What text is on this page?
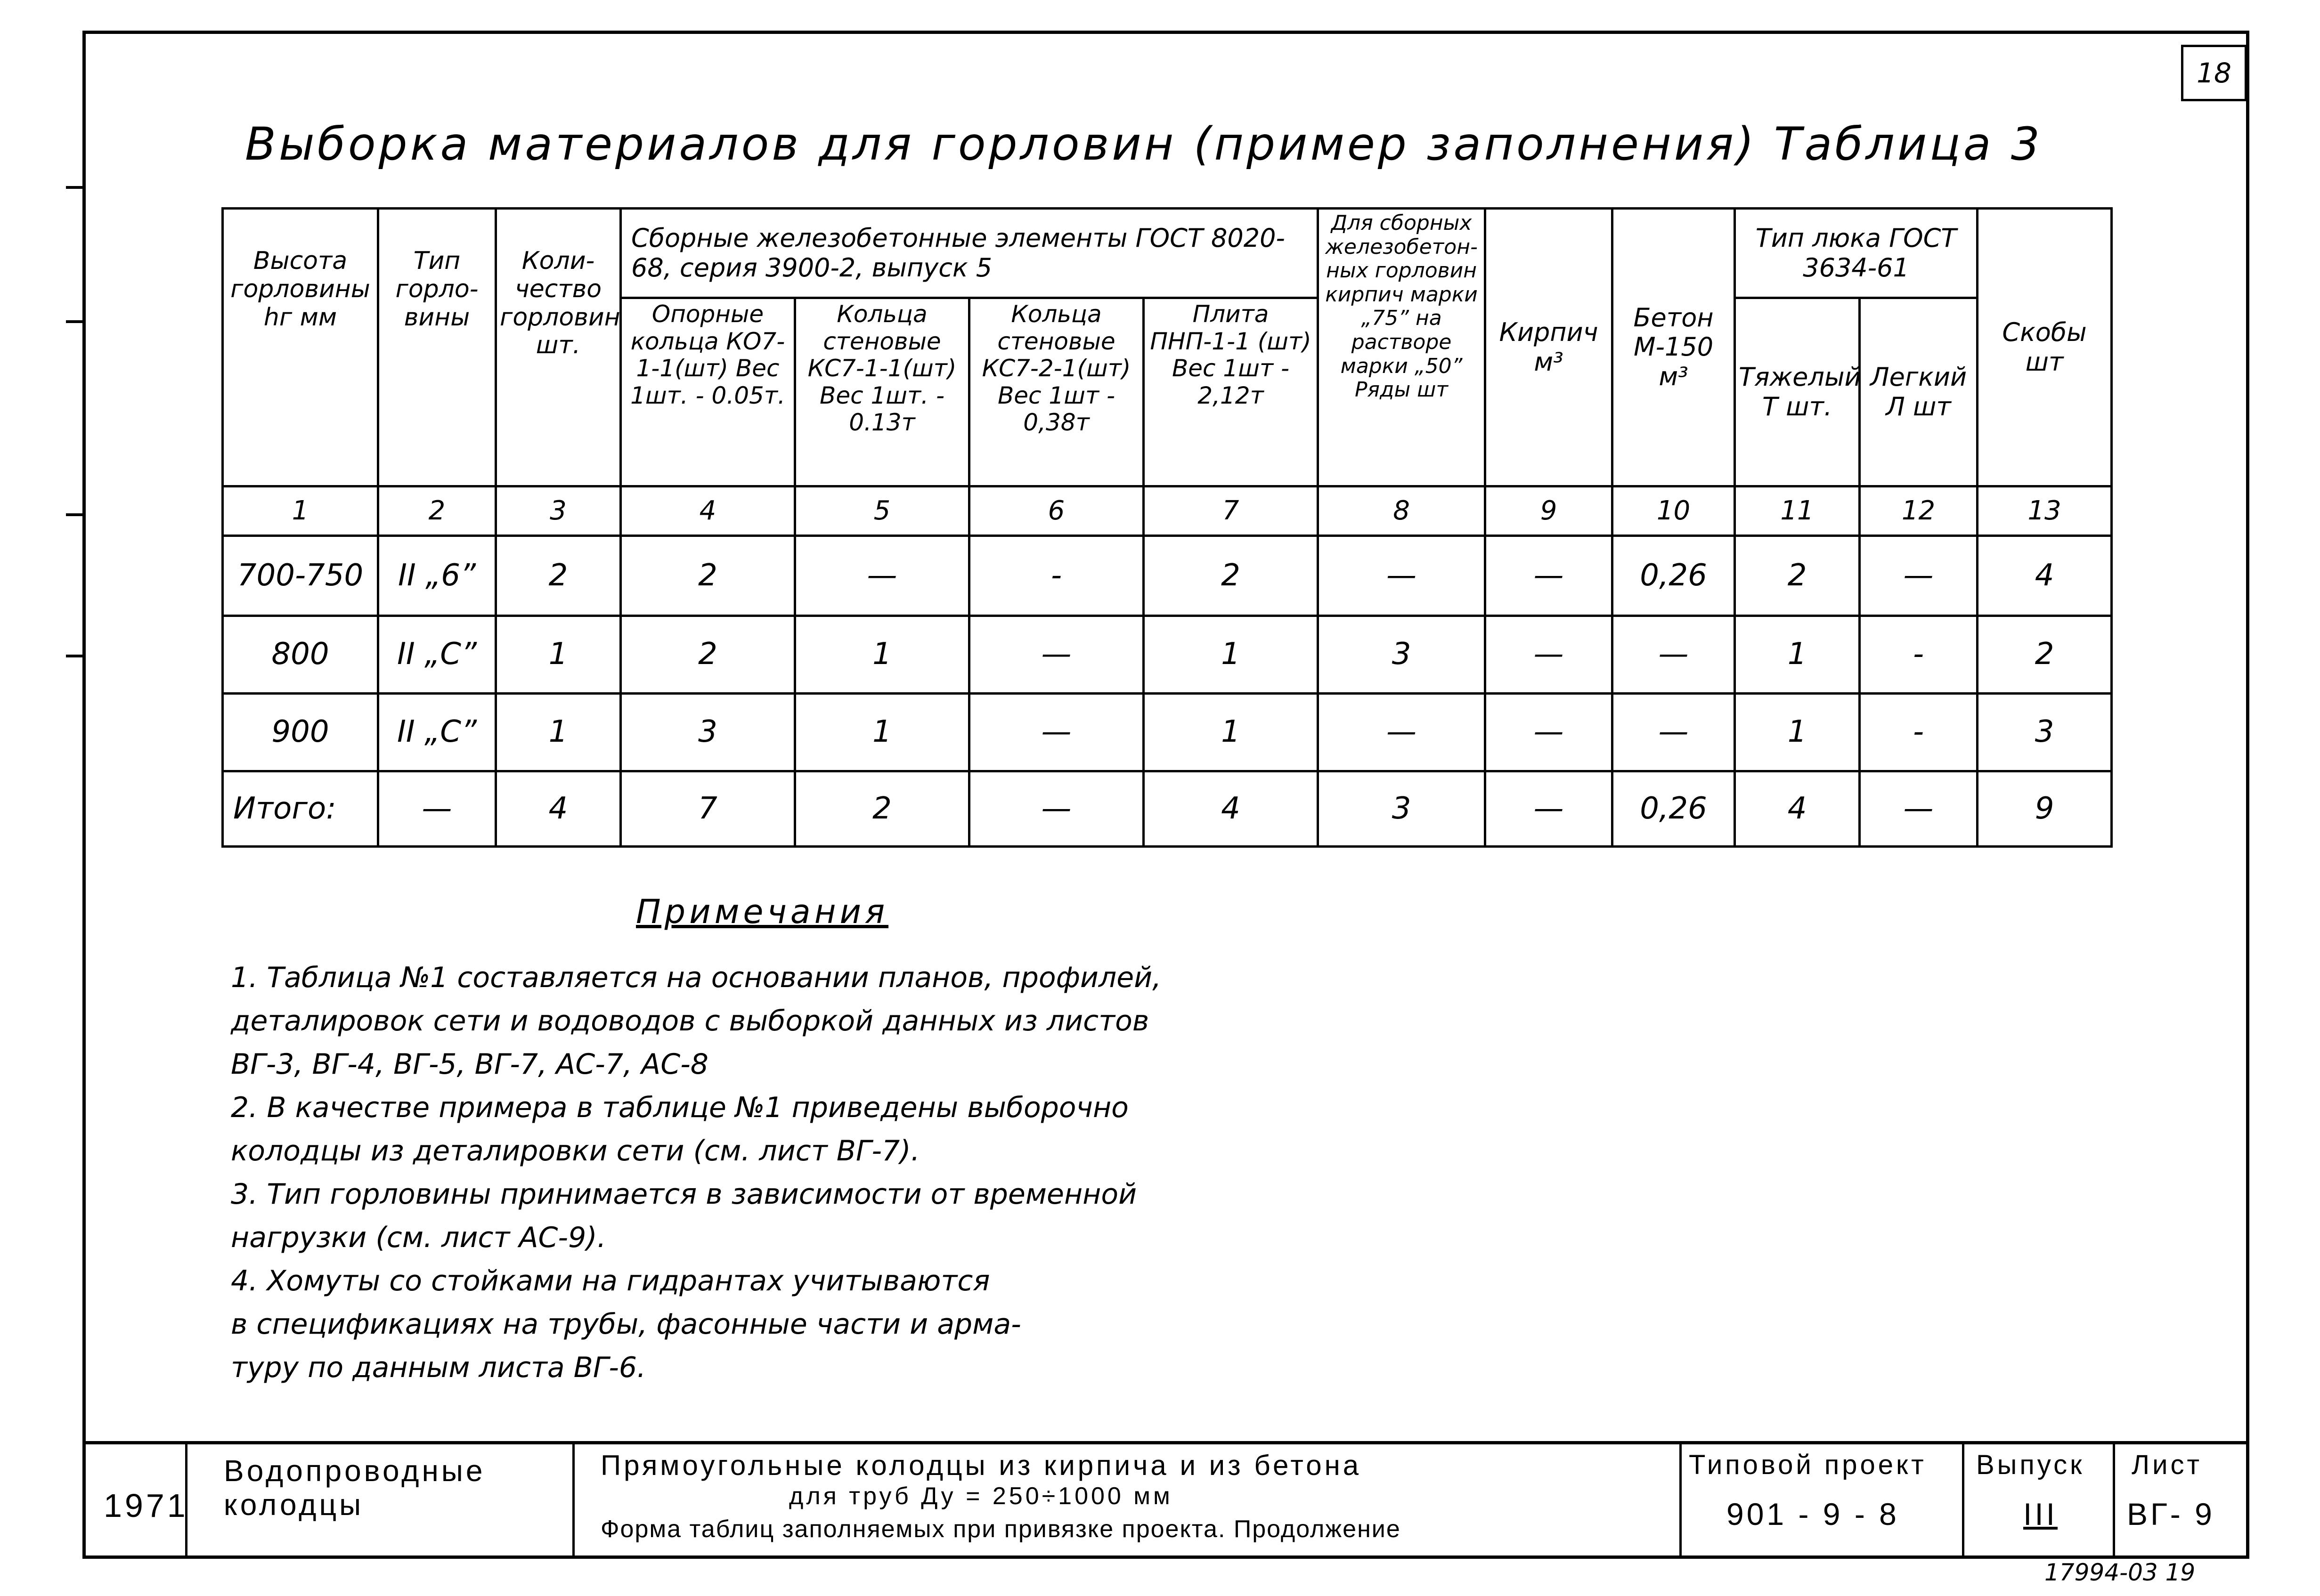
18
Выборка материалов для горловин (пример заполнения) Таблица 3
Высота горловины hг мм	Тип горло-вины	Коли-чество горловин шт.	Сборные железобетонные элементы ГОСТ 8020-68, серия 3900-2, выпуск 5				Для сборных железобетон-ных горловин кирпич марки „75” на растворе марки „50” Ряды шт	Кирпич м³	Бетон М-150 м³	Тип люка ГОСТ 3634-61		Скобы шт
			Опорные кольца КО7-1-1(шт) Вес 1шт. - 0.05т.	Кольца стеновые КС7-1-1(шт) Вес 1шт. - 0.13т	Кольца стеновые КС7-2-1(шт) Вес 1шт - 0,38т	Плита ПНП-1-1 (шт) Вес 1шт - 2,12т				Тяжелый Т шт.	Легкий Л шт	
1	2	3	4	5	6	7	8	9	10	11	12	13
700-750	II „6”	2	2	—	-	2	—	—	0,26	2	—	4
800	II „С”	1	2	1	—	1	3	—	—	1	-	2
900	II „С”	1	3	1	—	1	—	—	—	1	-	3
Итого:	—	4	7	2	—	4	3	—	0,26	4	—	9
Примечания
1. Таблица №1 составляется на основании планов, профилей,
деталировок сети и водоводов с выборкой данных из листов
ВГ-3, ВГ-4, ВГ-5, ВГ-7, АС-7, АС-8
2. В качестве примера в таблице №1 приведены выборочно
колодцы из деталировки сети (см. лист ВГ-7).
3. Тип горловины принимается в зависимости от временной
нагрузки (см. лист АС-9).
4. Хомуты со стойками на гидрантах учитываются
в спецификациях на трубы, фасонные части и арма-
туру по данным листа ВГ-6.
1971
Водопроводные колодцы
Прямоугольные колодцы из кирпича и из бетона
для труб Ду = 250÷1000 мм
Форма таблиц заполняемых при привязке проекта. Продолжение
Типовой проект
901 - 9 - 8
Выпуск
III
Лист
ВГ- 9
17994-03 19
